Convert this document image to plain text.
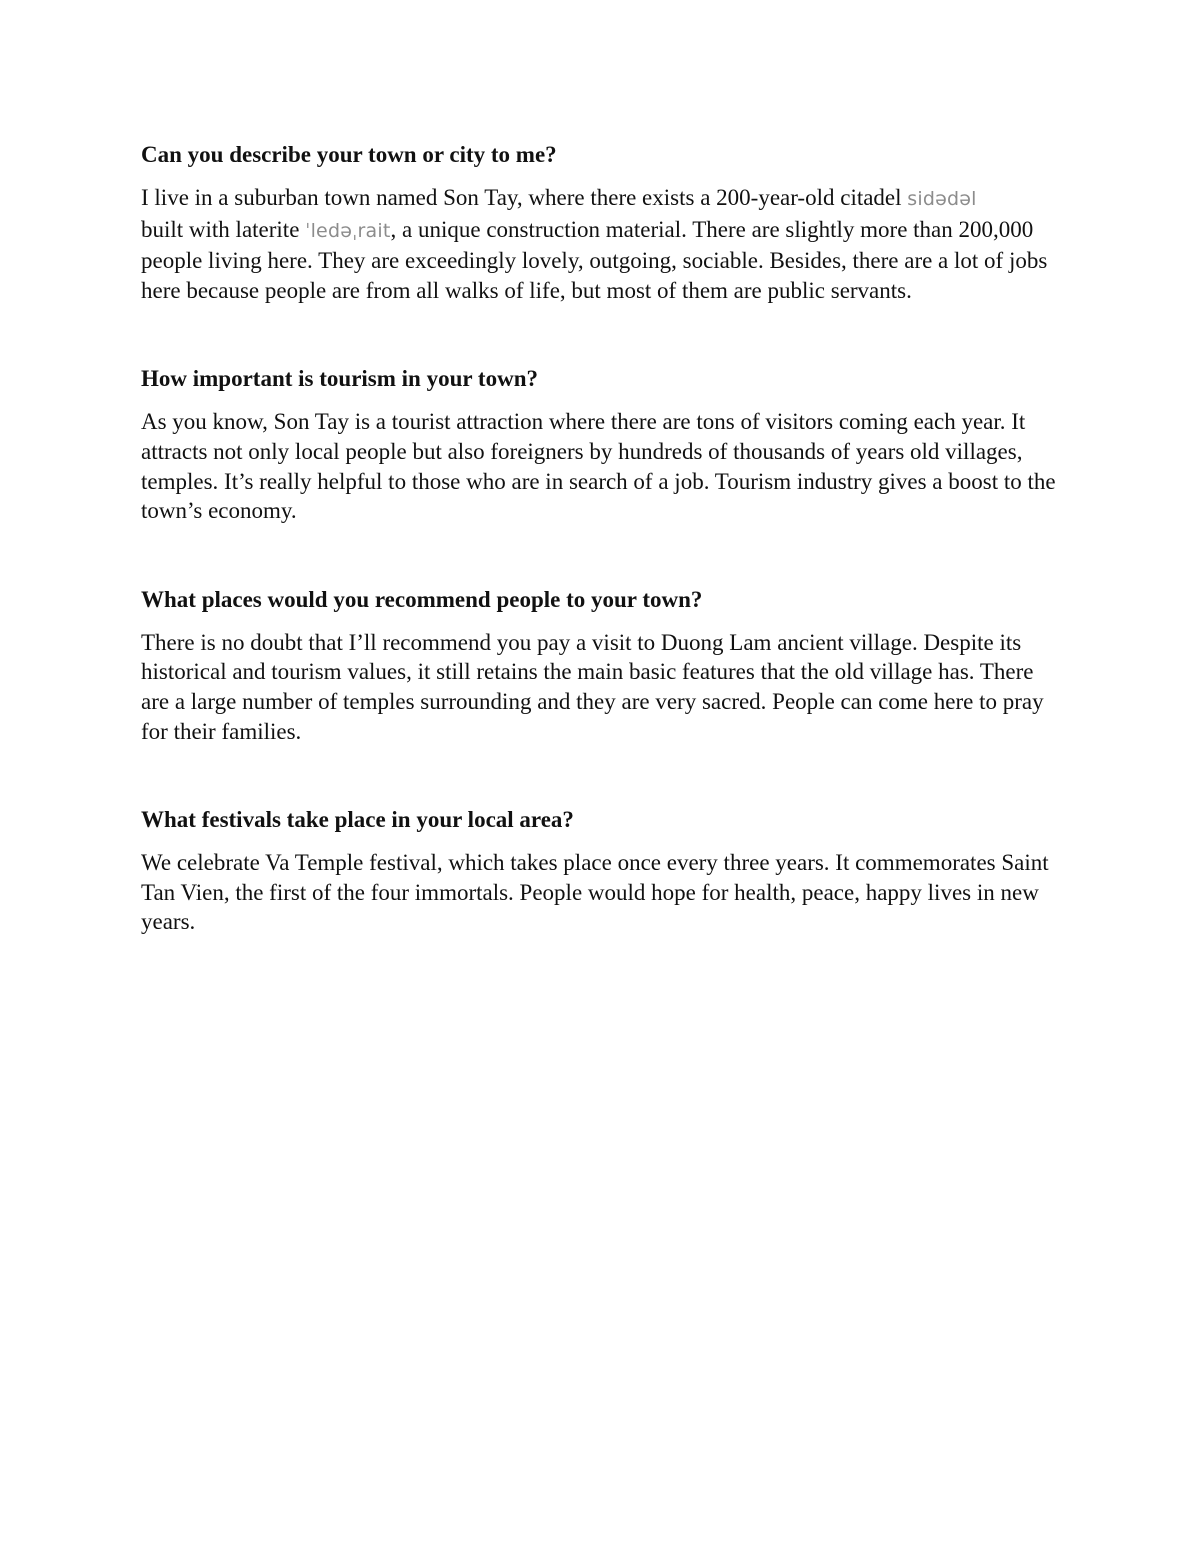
Can you describe your town or city to me?

I live in a suburban town named Son Tay, where there exists a 200-year-old citadel sidədəl
built with laterite ˈledəˌrait, a unique construction material. There are slightly more than 200,000 people living here. They are exceedingly lovely, outgoing, sociable. Besides, there are a lot of jobs here because people are from all walks of life, but most of them are public servants.

How important is tourism in your town?

As you know, Son Tay is a tourist attraction where there are tons of visitors coming each year. It attracts not only local people but also foreigners by hundreds of thousands of years old villages, temples. It’s really helpful to those who are in search of a job. Tourism industry gives a boost to the town’s economy.

What places would you recommend people to your town?

There is no doubt that I’ll recommend you pay a visit to Duong Lam ancient village. Despite its historical and tourism values, it still retains the main basic features that the old village has. There are a large number of temples surrounding and they are very sacred. People can come here to pray for their families.

What festivals take place in your local area?

We celebrate Va Temple festival, which takes place once every three years. It commemorates Saint Tan Vien, the first of the four immortals. People would hope for health, peace, happy lives in new years.
